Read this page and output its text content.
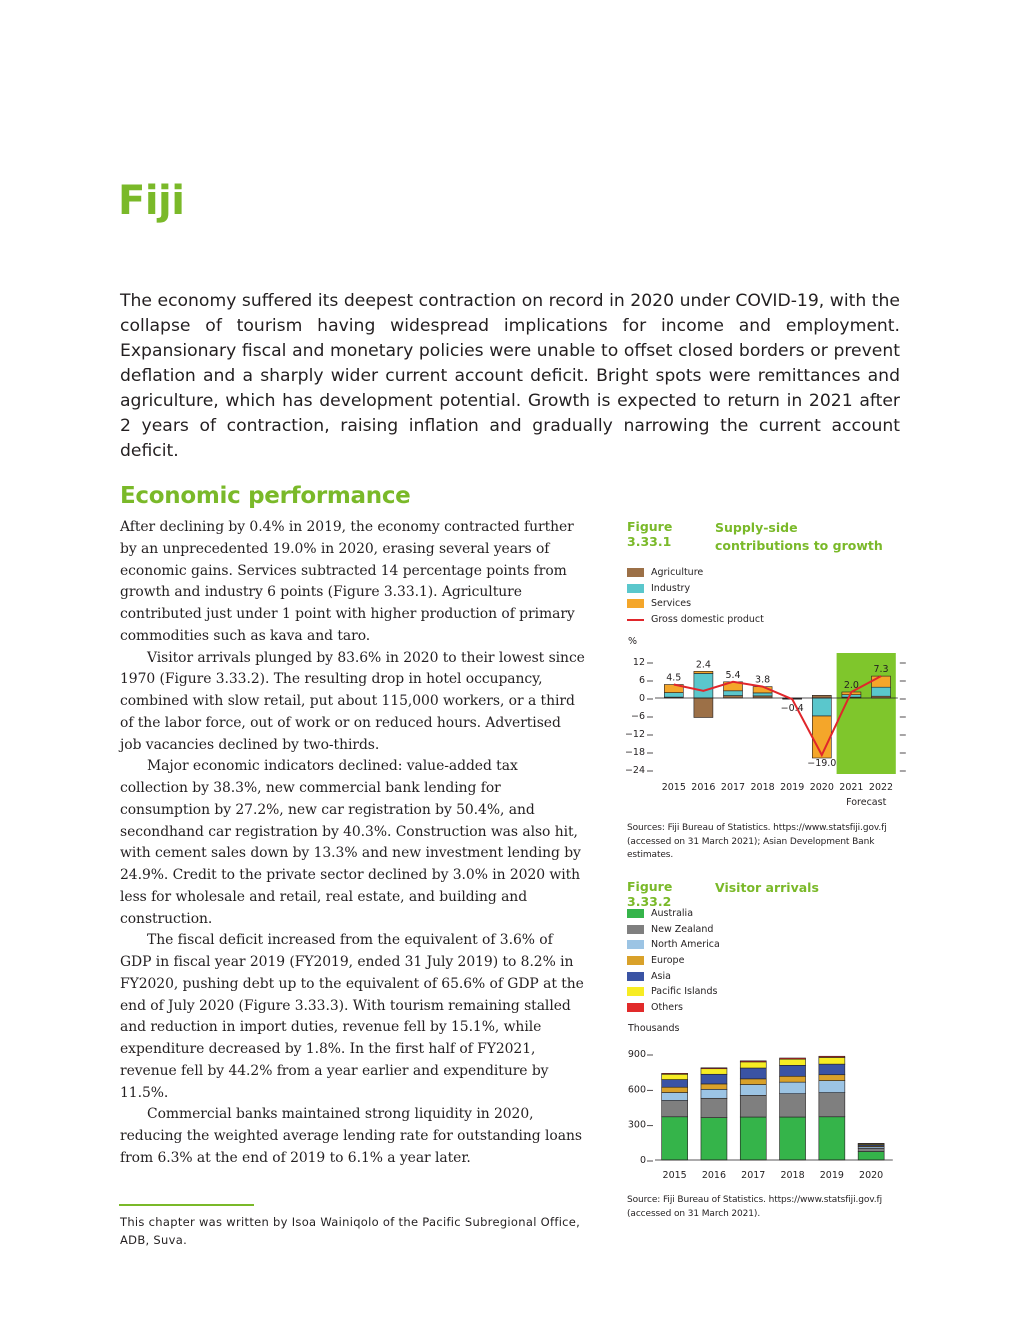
Fiji
The economy suffered its deepest contraction on record in 2020 under COVID-19, with the collapse of tourism having widespread implications for income and employment. Expansionary fiscal and monetary policies were unable to offset closed borders or prevent deflation and a sharply wider current account deficit. Bright spots were remittances and agriculture, which has development potential. Growth is expected to return in 2021 after 2 years of contraction, raising inflation and gradually narrowing the current account deficit.
Economic performance

After declining by 0.4% in 2019, the economy contracted further by an unprecedented 19.0% in 2020, erasing several years of economic gains. Services subtracted 14 percentage points from growth and industry 6 points (Figure 3.33.1). Agriculture contributed just under 1 point with higher production of primary commodities such as kava and taro.

Visitor arrivals plunged by 83.6% in 2020 to their lowest since 1970 (Figure 3.33.2). The resulting drop in hotel occupancy, combined with slow retail, put about 115,000 workers, or a third of the labor force, out of work or on reduced hours. Advertised job vacancies declined by two-thirds.

Major economic indicators declined: value-added tax collection by 38.3%, new commercial bank lending for consumption by 27.2%, new car registration by 50.4%, and secondhand car registration by 40.3%. Construction was also hit, with cement sales down by 13.3% and new investment lending by 24.9%. Credit to the private sector declined by 3.0% in 2020 with less for wholesale and retail, real estate, and building and construction.

The fiscal deficit increased from the equivalent of 3.6% of GDP in fiscal year 2019 (FY2019, ended 31 July 2019) to 8.2% in FY2020, pushing debt up to the equivalent of 65.6% of GDP at the end of July 2020 (Figure 3.33.3). With tourism remaining stalled and reduction in import duties, revenue fell by 15.1%, while expenditure decreased by 1.8%. In the first half of FY2021, revenue fell by 44.2% from a year earlier and expenditure by 11.5%.

Commercial banks maintained strong liquidity in 2020, reducing the weighted average lending rate for outstanding loans from 6.3% at the end of 2019 to 6.1% a year later.

This chapter was written by Isoa Wainiqolo of the Pacific Subregional Office, ADB, Suva.
Figure 3.33.1Supply-side contributions to growth
Agriculture
Industry
Services
Gross domestic product
%
12
6
0
−6
−12
−18
−24
4.5
2.4
5.4 3.8
−0.4
−19.0
2.0
7.3
2015 2016 2017 2018 2019 2020 2021 2022
Forecast
Sources: Fiji Bureau of Statistics. https://www.statsfiji.gov.fj (accessed on 31 March 2021); Asian Development Bank estimates.
Figure 3.33.2Visitor arrivals
Australia
New Zealand
North America
Europe
Asia
Pacific Islands
Others
Thousands
900
600
300
0
2015 2016 2017 2018 2019 2020
Source: Fiji Bureau of Statistics. https://www.statsfiji.gov.fj (accessed on 31 March 2021).
